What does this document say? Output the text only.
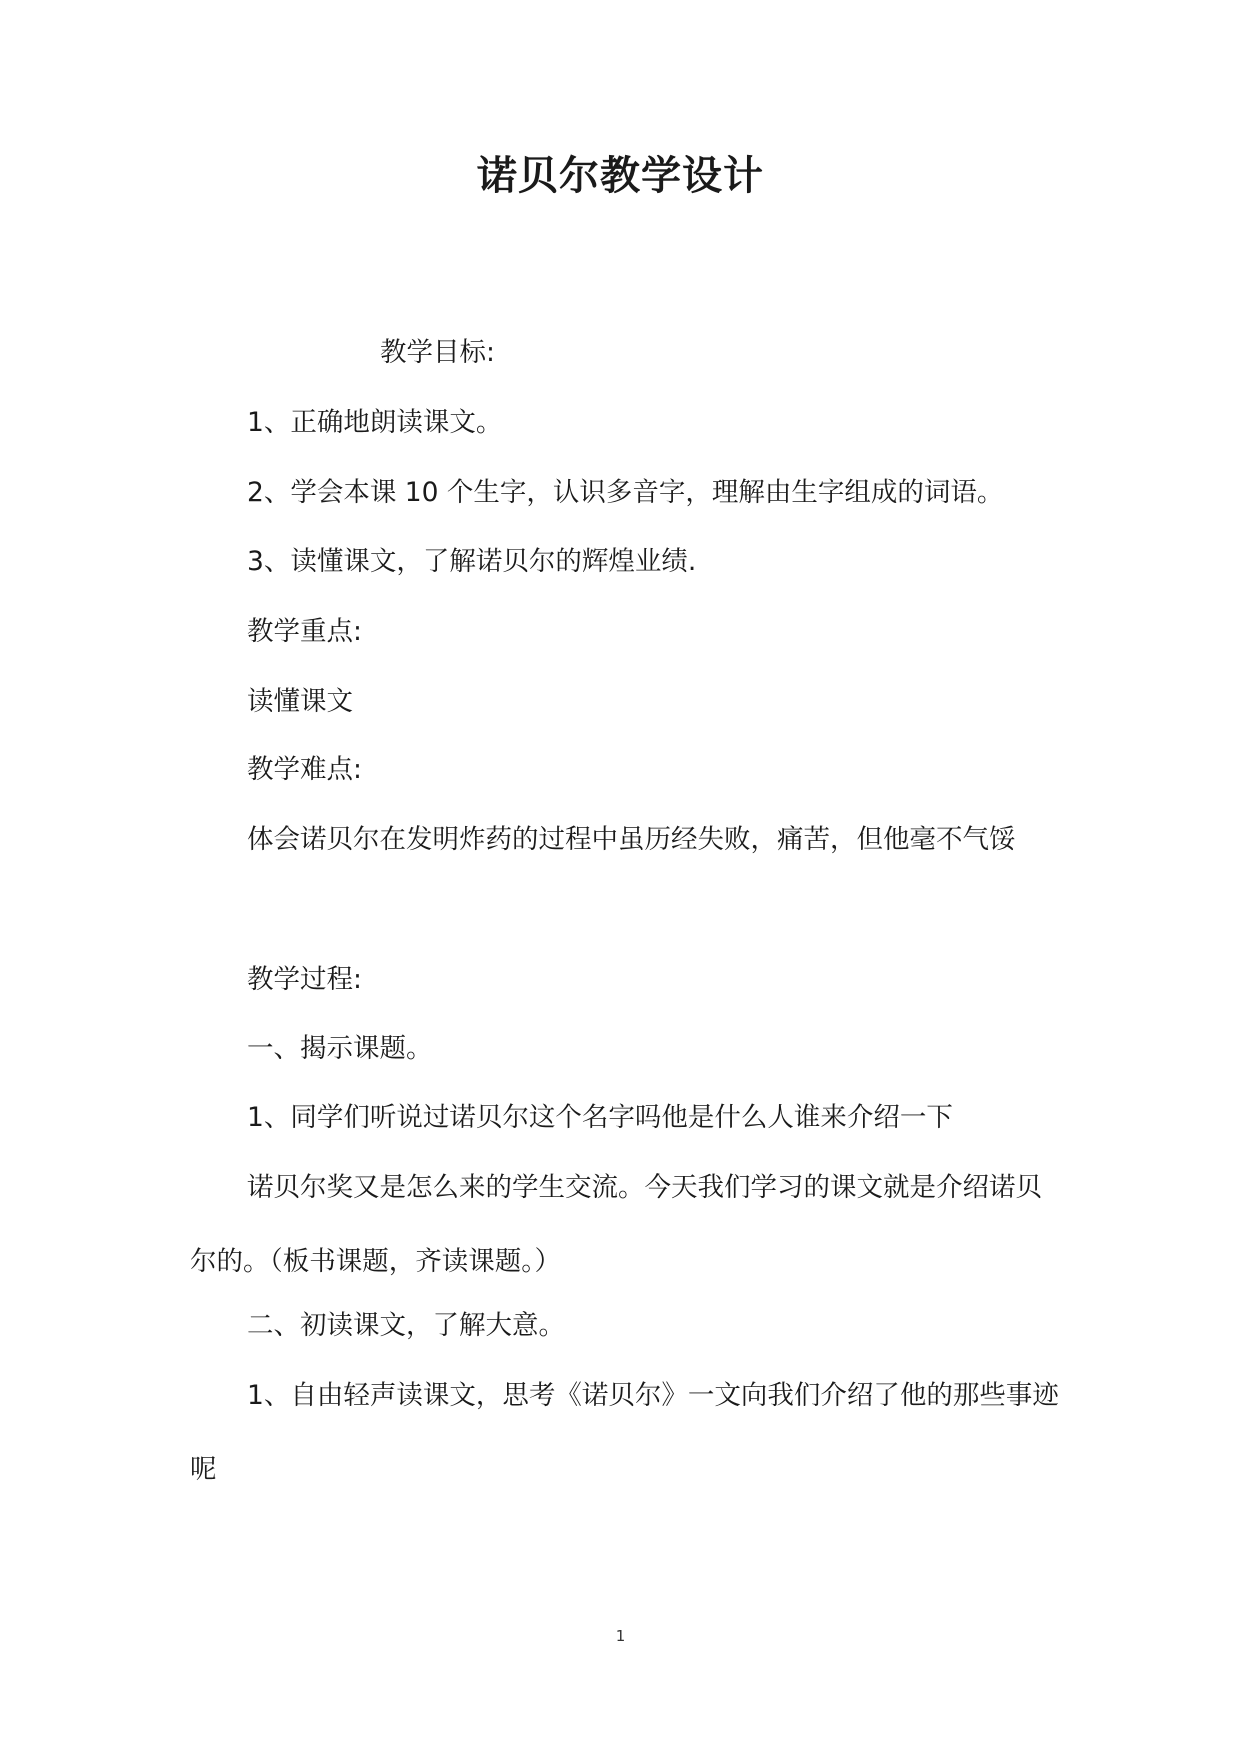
诺贝尔教学设计

教学目标:

1、正确地朗读课文。

2、学会本课 10 个生字，认识多音字，理解由生字组成的词语。

3、读懂课文，了解诺贝尔的辉煌业绩.

教学重点:

读懂课文

教学难点:

体会诺贝尔在发明炸药的过程中虽历经失败，痛苦，但他毫不气馁

教学过程:

一、揭示课题。

1、同学们听说过诺贝尔这个名字吗他是什么人谁来介绍一下

诺贝尔奖又是怎么来的学生交流。今天我们学习的课文就是介绍诺贝尔的。（板书课题，齐读课题。）

二、初读课文，了解大意。

1、自由轻声读课文，思考《诺贝尔》一文向我们介绍了他的那些事迹呢

1
